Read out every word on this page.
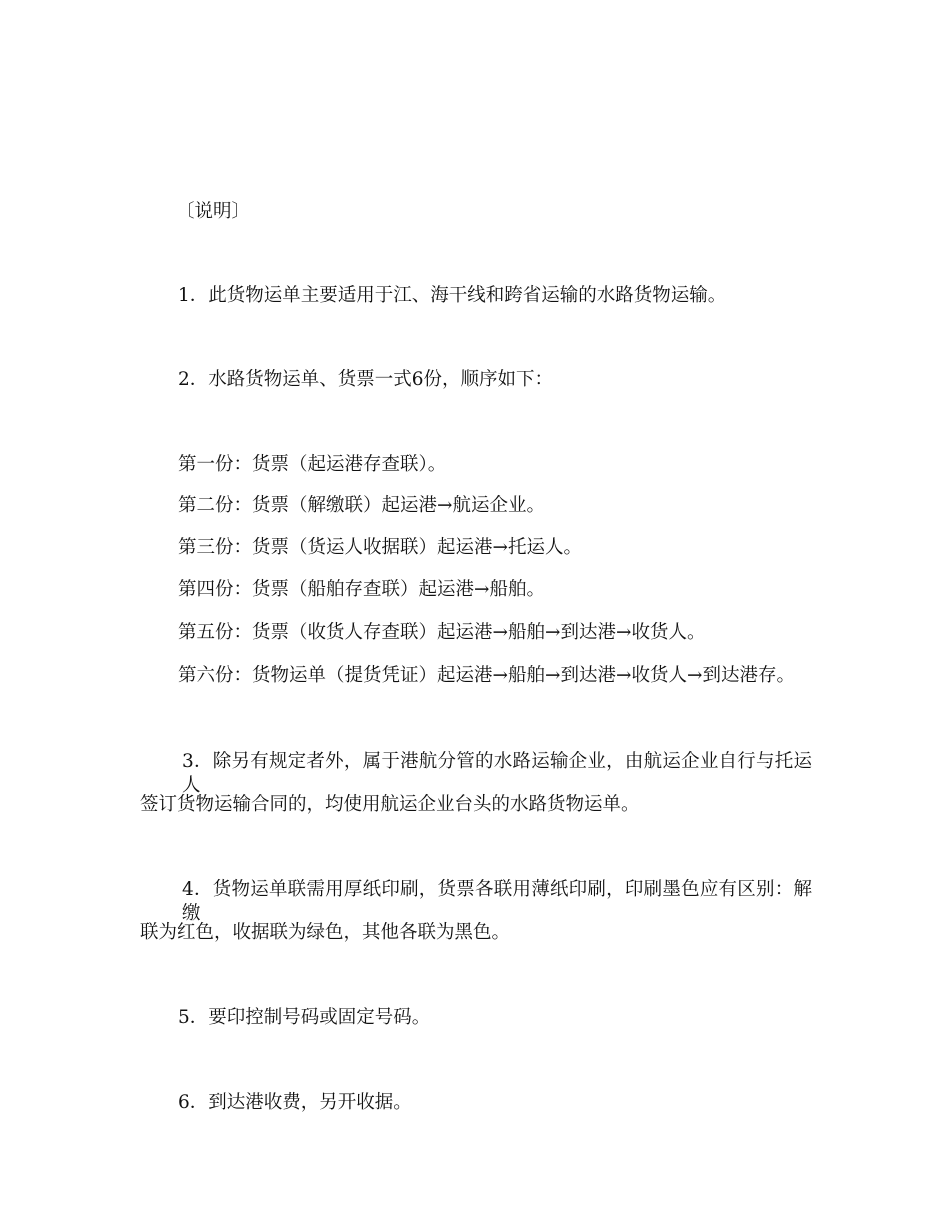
〔说明〕
1．此货物运单主要适用于江、海干线和跨省运输的水路货物运输。
2．水路货物运单、货票一式6份，顺序如下：
第一份：货票（起运港存查联）。
第二份：货票（解缴联）起运港→航运企业。
第三份：货票（货运人收据联）起运港→托运人。
第四份：货票（船舶存查联）起运港→船舶。
第五份：货票（收货人存查联）起运港→船舶→到达港→收货人。
第六份：货物运单（提货凭证）起运港→船舶→到达港→收货人→到达港存。
3．除另有规定者外，属于港航分管的水路运输企业，由航运企业自行与托运人
签订货物运输合同的，均使用航运企业台头的水路货物运单。
4．货物运单联需用厚纸印刷，货票各联用薄纸印刷，印刷墨色应有区别：解缴
联为红色，收据联为绿色，其他各联为黑色。
5．要印控制号码或固定号码。
6．到达港收费，另开收据。
